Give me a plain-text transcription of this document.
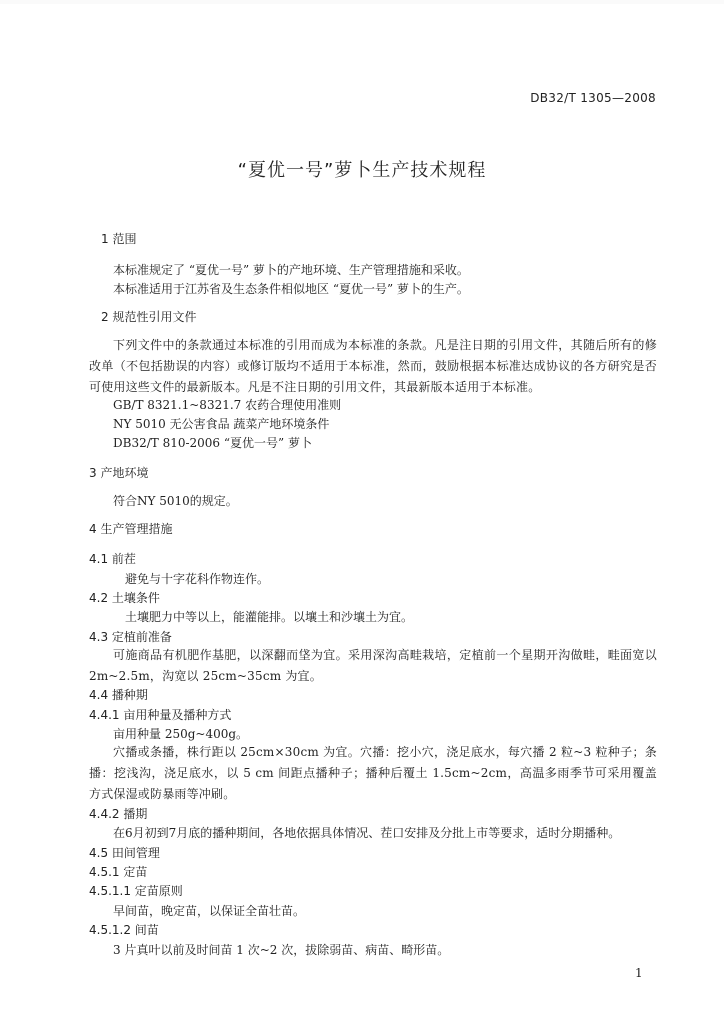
DB32/T 1305—2008
“夏优一号”萝卜生产技术规程
1 范围
本标准规定了 “夏优一号” 萝卜的产地环境、生产管理措施和采收。
本标准适用于江苏省及生态条件相似地区 “夏优一号” 萝卜的生产。
2 规范性引用文件
下列文件中的条款通过本标准的引用而成为本标准的条款。凡是注日期的引用文件，其随后所有的修改单（不包括勘误的内容）或修订版均不适用于本标准，然而，鼓励根据本标准达成协议的各方研究是否可使用这些文件的最新版本。凡是不注日期的引用文件，其最新版本适用于本标准。
GB/T 8321.1~8321.7 农药合理使用准则
NY 5010 无公害食品 蔬菜产地环境条件
DB32/T 810-2006 “夏优一号” 萝卜
3 产地环境
符合NY 5010的规定。
4 生产管理措施
4.1 前茬
避免与十字花科作物连作。
4.2 土壤条件
土壤肥力中等以上，能灌能排。以壤土和沙壤土为宜。
4.3 定植前准备
可施商品有机肥作基肥，以深翻而垡为宜。采用深沟高畦栽培，定植前一个星期开沟做畦，畦面宽以 2m~2.5m，沟宽以 25cm~35cm 为宜。
4.4 播种期
4.4.1 亩用种量及播种方式
亩用种量 250g~400g。
穴播或条播，株行距以 25cm×30cm 为宜。穴播：挖小穴，浇足底水，每穴播 2 粒~3 粒种子；条播：挖浅沟，浇足底水，以 5 cm 间距点播种子；播种后覆土 1.5cm~2cm，高温多雨季节可采用覆盖方式保湿或防暴雨等冲刷。
4.4.2 播期
在6月初到7月底的播种期间，各地依据具体情况、茬口安排及分批上市等要求，适时分期播种。
4.5 田间管理
4.5.1 定苗
4.5.1.1 定苗原则
早间苗，晚定苗，以保证全苗壮苗。
4.5.1.2 间苗
3 片真叶以前及时间苗 1 次~2 次，拔除弱苗、病苗、畸形苗。
1
